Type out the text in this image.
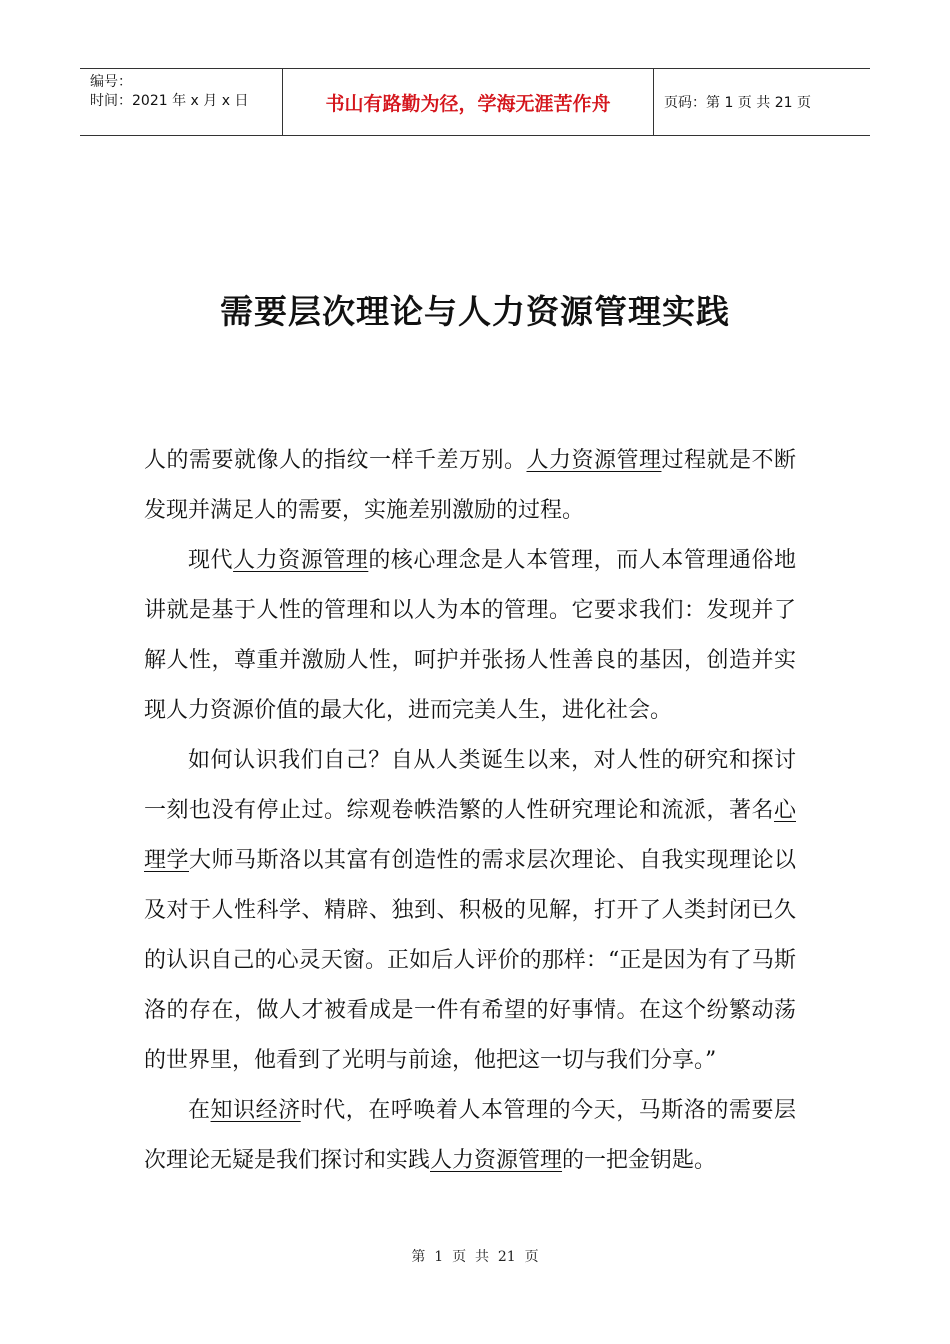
编号：
时间：2021 年 x 月 x 日	书山有路勤为径，学海无涯苦作舟	页码：第 1 页 共 21 页
需要层次理论与人力资源管理实践

人的需要就像人的指纹一样千差万别。人力资源管理过程就是不断发现并满足人的需要，实施差别激励的过程。

现代人力资源管理的核心理念是人本管理，而人本管理通俗地讲就是基于人性的管理和以人为本的管理。它要求我们：发现并了解人性，尊重并激励人性，呵护并张扬人性善良的基因，创造并实现人力资源价值的最大化，进而完美人生，进化社会。

如何认识我们自己？自从人类诞生以来，对人性的研究和探讨一刻也没有停止过。综观卷帙浩繁的人性研究理论和流派，著名心理学大师马斯洛以其富有创造性的需求层次理论、自我实现理论以及对于人性科学、精辟、独到、积极的见解，打开了人类封闭已久的认识自己的心灵天窗。正如后人评价的那样：“正是因为有了马斯洛的存在，做人才被看成是一件有希望的好事情。在这个纷繁动荡的世界里，他看到了光明与前途，他把这一切与我们分享。”

在知识经济时代，在呼唤着人本管理的今天，马斯洛的需要层次理论无疑是我们探讨和实践人力资源管理的一把金钥匙。

第  1  页  共  21  页
